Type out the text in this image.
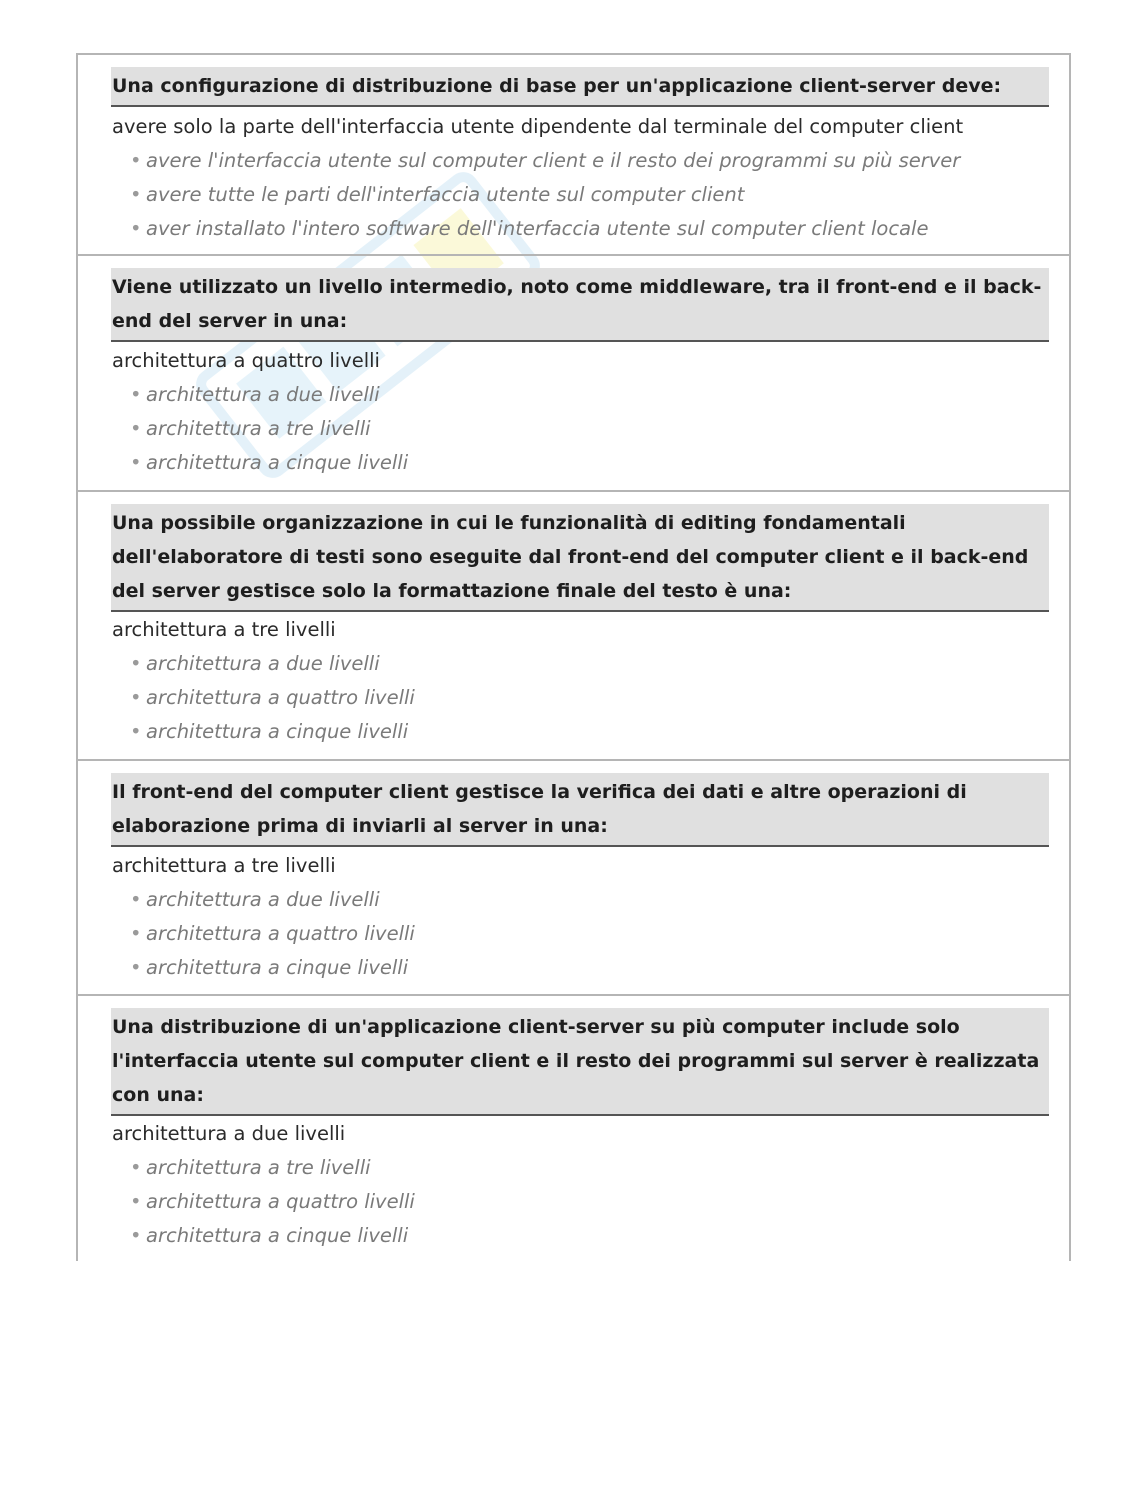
Una configurazione di distribuzione di base per un'applicazione client-server deve:
avere solo la parte dell'interfaccia utente dipendente dal terminale del computer client
• avere l'interfaccia utente sul computer client e il resto dei programmi su più server
• avere tutte le parti dell'interfaccia utente sul computer client
• aver installato l'intero software dell'interfaccia utente sul computer client locale
Viene utilizzato un livello intermedio, noto come middleware, tra il front-end e il back-end del server in una:
architettura a quattro livelli
• architettura a due livelli
• architettura a tre livelli
• architettura a cinque livelli
Una possibile organizzazione in cui le funzionalità di editing fondamentali dell'elaboratore di testi sono eseguite dal front-end del computer client e il back-end del server gestisce solo la formattazione finale del testo è una:
architettura a tre livelli
• architettura a due livelli
• architettura a quattro livelli
• architettura a cinque livelli
Il front-end del computer client gestisce la verifica dei dati e altre operazioni di elaborazione prima di inviarli al server in una:
architettura a tre livelli
• architettura a due livelli
• architettura a quattro livelli
• architettura a cinque livelli
Una distribuzione di un'applicazione client-server su più computer include solo l'interfaccia utente sul computer client e il resto dei programmi sul server è realizzata con una:
architettura a due livelli
• architettura a tre livelli
• architettura a quattro livelli
• architettura a cinque livelli
